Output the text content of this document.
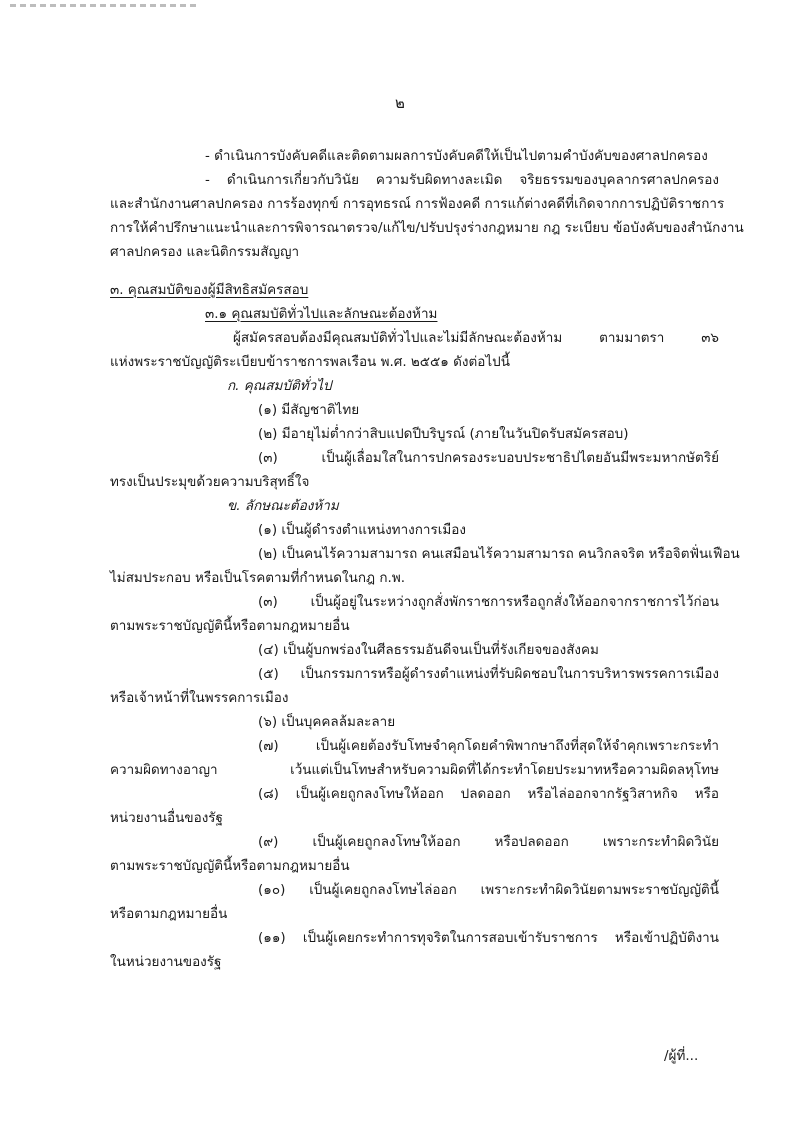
๒
- ดำเนินการบังคับคดีและติดตามผลการบังคับคดีให้เป็นไปตามคำบังคับของศาลปกครอง
- ดำเนินการเกี่ยวกับวินัย ความรับผิดทางละเมิด จริยธรรมของบุคลากรศาลปกครอง
และสำนักงานศาลปกครอง การร้องทุกข์ การอุทธรณ์ การฟ้องคดี การแก้ต่างคดีที่เกิดจากการปฏิบัติราชการ
การให้คำปรึกษาแนะนำและการพิจารณาตรวจ/แก้ไข/ปรับปรุงร่างกฎหมาย กฎ ระเบียบ ข้อบังคับของสำนักงาน
ศาลปกครอง และนิติกรรมสัญญา
๓. คุณสมบัติของผู้มีสิทธิสมัครสอบ
๓.๑ คุณสมบัติทั่วไปและลักษณะต้องห้าม
ผู้สมัครสอบต้องมีคุณสมบัติทั่วไปและไม่มีลักษณะต้องห้าม ตามมาตรา ๓๖
แห่งพระราชบัญญัติระเบียบข้าราชการพลเรือน พ.ศ. ๒๕๕๑ ดังต่อไปนี้
ก. คุณสมบัติทั่วไป
(๑) มีสัญชาติไทย
(๒) มีอายุไม่ต่ำกว่าสิบแปดปีบริบูรณ์ (ภายในวันปิดรับสมัครสอบ)
(๓) เป็นผู้เลื่อมใสในการปกครองระบอบประชาธิปไตยอันมีพระมหากษัตริย์
ทรงเป็นประมุขด้วยความบริสุทธิ์ใจ
ข. ลักษณะต้องห้าม
(๑) เป็นผู้ดำรงตำแหน่งทางการเมือง
(๒) เป็นคนไร้ความสามารถ คนเสมือนไร้ความสามารถ คนวิกลจริต หรือจิตฟั่นเฟือน
ไม่สมประกอบ หรือเป็นโรคตามที่กำหนดในกฎ ก.พ.
(๓) เป็นผู้อยู่ในระหว่างถูกสั่งพักราชการหรือถูกสั่งให้ออกจากราชการไว้ก่อน
ตามพระราชบัญญัตินี้หรือตามกฎหมายอื่น
(๔) เป็นผู้บกพร่องในศีลธรรมอันดีจนเป็นที่รังเกียจของสังคม
(๕) เป็นกรรมการหรือผู้ดำรงตำแหน่งที่รับผิดชอบในการบริหารพรรคการเมือง
หรือเจ้าหน้าที่ในพรรคการเมือง
(๖) เป็นบุคคลล้มละลาย
(๗) เป็นผู้เคยต้องรับโทษจำคุกโดยคำพิพากษาถึงที่สุดให้จำคุกเพราะกระทำ
ความผิดทางอาญา เว้นแต่เป็นโทษสำหรับความผิดที่ได้กระทำโดยประมาทหรือความผิดลหุโทษ
(๘) เป็นผู้เคยถูกลงโทษให้ออก ปลดออก หรือไล่ออกจากรัฐวิสาหกิจ หรือ
หน่วยงานอื่นของรัฐ
(๙) เป็นผู้เคยถูกลงโทษให้ออก หรือปลดออก เพราะกระทำผิดวินัย
ตามพระราชบัญญัตินี้หรือตามกฎหมายอื่น
(๑๐) เป็นผู้เคยถูกลงโทษไล่ออก เพราะกระทำผิดวินัยตามพระราชบัญญัตินี้
หรือตามกฎหมายอื่น
(๑๑) เป็นผู้เคยกระทำการทุจริตในการสอบเข้ารับราชการ หรือเข้าปฏิบัติงาน
ในหน่วยงานของรัฐ
/ผู้ที่...
